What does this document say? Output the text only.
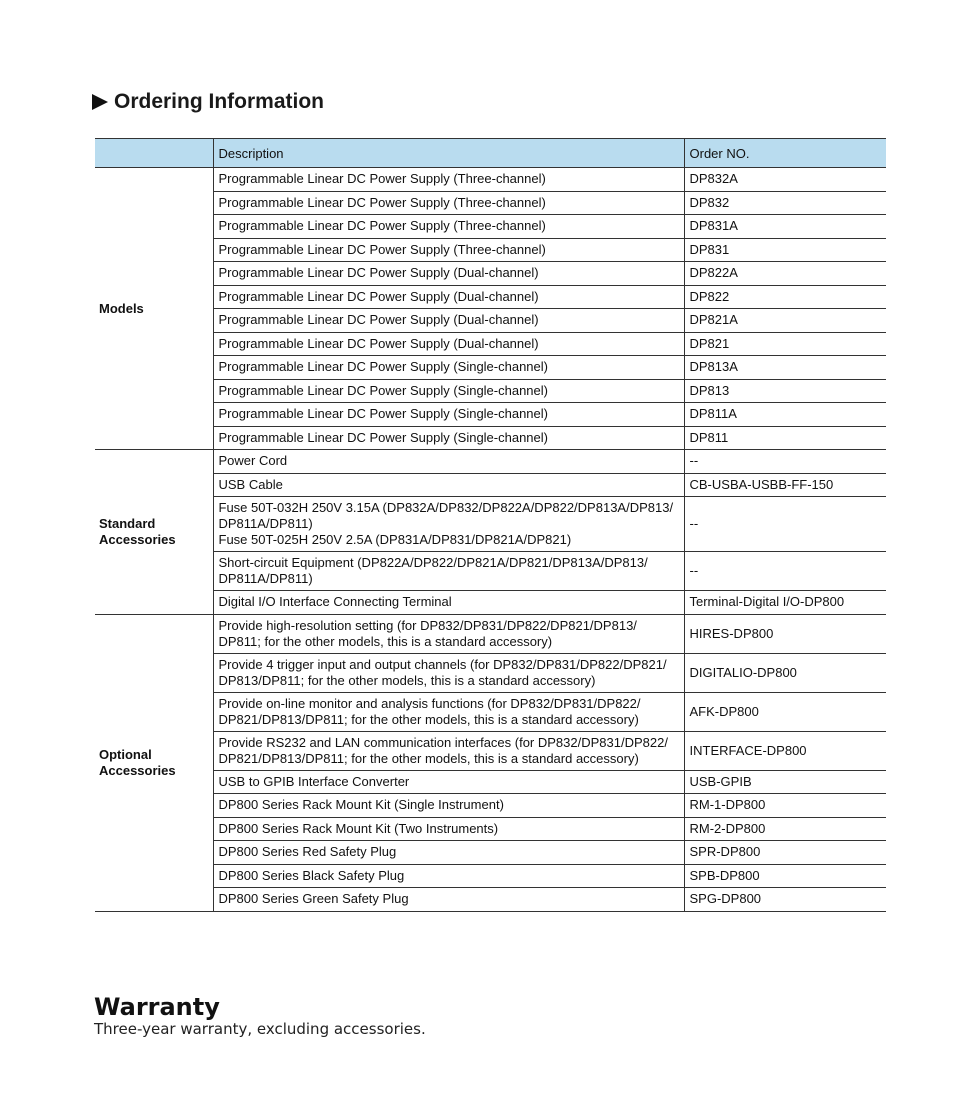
Ordering Information
	Description	Order NO.
Models	Programmable Linear DC Power Supply (Three-channel)	DP832A
	Programmable Linear DC Power Supply (Three-channel)	DP832
	Programmable Linear DC Power Supply (Three-channel)	DP831A
	Programmable Linear DC Power Supply (Three-channel)	DP831
	Programmable Linear DC Power Supply (Dual-channel)	DP822A
	Programmable Linear DC Power Supply (Dual-channel)	DP822
	Programmable Linear DC Power Supply (Dual-channel)	DP821A
	Programmable Linear DC Power Supply (Dual-channel)	DP821
	Programmable Linear DC Power Supply (Single-channel)	DP813A
	Programmable Linear DC Power Supply (Single-channel)	DP813
	Programmable Linear DC Power Supply (Single-channel)	DP811A
	Programmable Linear DC Power Supply (Single-channel)	DP811
Standard Accessories	Power Cord	--
	USB Cable	CB-USBA-USBB-FF-150
	Fuse 50T-032H 250V 3.15A (DP832A/DP832/DP822A/DP822/DP813A/DP813/ DP811A/DP811)
Fuse 50T-025H 250V 2.5A (DP831A/DP831/DP821A/DP821)	--
	Short-circuit Equipment (DP822A/DP822/DP821A/DP821/DP813A/DP813/ DP811A/DP811)	--
	Digital I/O Interface Connecting Terminal	Terminal-Digital I/O-DP800
Optional Accessories	Provide high-resolution setting (for DP832/DP831/DP822/DP821/DP813/ DP811; for the other models, this is a standard accessory)	HIRES-DP800
	Provide 4 trigger input and output channels (for DP832/DP831/DP822/DP821/ DP813/DP811; for the other models, this is a standard accessory)	DIGITALIO-DP800
	Provide on-line monitor and analysis functions (for DP832/DP831/DP822/ DP821/DP813/DP811; for the other models, this is a standard accessory)	AFK-DP800
	Provide RS232 and LAN communication interfaces (for DP832/DP831/DP822/ DP821/DP813/DP811; for the other models, this is a standard accessory)	INTERFACE-DP800
	USB to GPIB Interface Converter	USB-GPIB
	DP800 Series Rack Mount Kit (Single Instrument)	RM-1-DP800
	DP800 Series Rack Mount Kit (Two Instruments)	RM-2-DP800
	DP800 Series Red Safety Plug	SPR-DP800
	DP800 Series Black Safety Plug	SPB-DP800
	DP800 Series Green Safety Plug	SPG-DP800
Warranty
Three-year warranty, excluding accessories.
